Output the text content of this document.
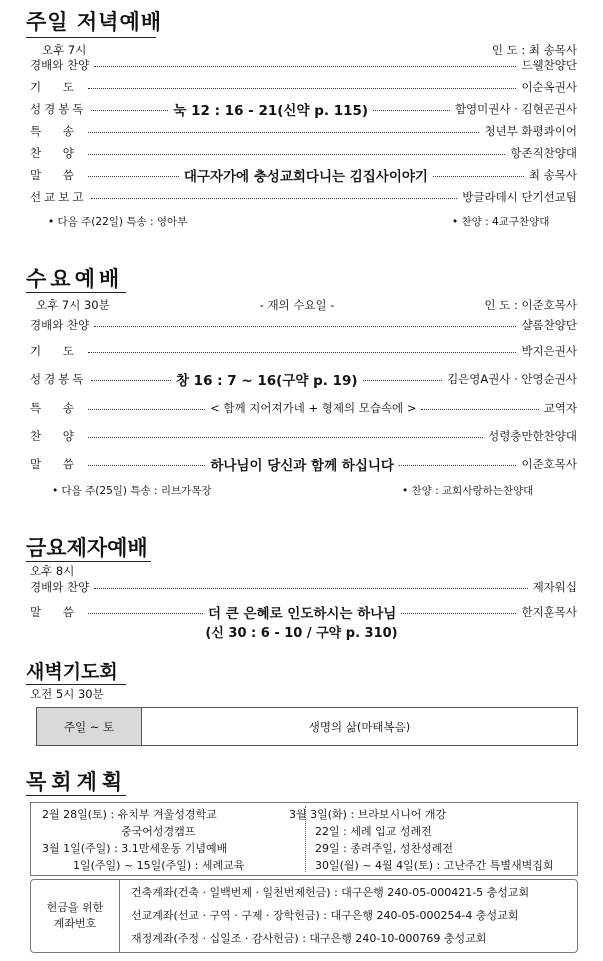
주일 저녁예배
오후 7시	인 도 : 최 송목사
경배와 찬양	드웰찬양단
기 도	이순옥권사
성경봉독	눅 12 : 16 - 21(신약 p. 115)	함영미권사 · 김현곤권사
특 송	청년부 화평콰이어
찬 양	항존직찬양대
말 씀	대구자가에 충성교회다니는 김집사이야기	최 송목사
선교보고	방글라데시 단기선교팀
• 다음 주(22일) 특송 : 영아부	• 찬양 : 4교구찬양대
수요예배
오후 7시 30분	- 재의 수요일 -	인 도 : 이준호목사
경배와 찬양	샬롬찬양단
기 도	박지은권사
성경봉독	창 16 : 7 ~ 16(구약 p. 19)	김은영A권사 · 안영순권사
특 송	< 함께 지어져가네 + 형제의 모습속에 >	교역자
찬 양	성령충만한찬양대
말 씀	하나님이 당신과 함께 하십니다	이준호목사
• 다음 주(25일) 특송 : 리브가목장	• 찬양 : 교회사랑하는찬양대
금요제자예배
오후 8시
경배와 찬양	제자워십
말 씀	더 큰 은혜로 인도하시는 하나님	한지훈목사
(신 30 : 6 - 10 / 구약 p. 310)
새벽기도회
오전 5시 30분
주일 ~ 토	생명의 삶(마태복음)
목회계획
2월 28일(토) : 유치부 겨울성경학교
중국어성경캠프
3월 1일(주일) : 3.1만세운동 기념예배
1일(주일) ~ 15일(주일) : 세례교육
3월 3일(화) : 브라보시니어 개강
22일 : 세례 입교 성례전
29일 : 종려주일, 성찬성례전
30일(월) ~ 4월 4일(토) : 고난주간 특별새벽집회
헌금을 위한
계좌번호
건축계좌(건축 · 일백번제 · 일천번제헌금) : 대구은행 240-05-000421-5 충성교회
선교계좌(선교 · 구역 · 구제 · 장학헌금) : 대구은행 240-05-000254-4 충성교회
재정계좌(주정 · 십일조 · 감사헌금) : 대구은행 240-10-000769 충성교회
